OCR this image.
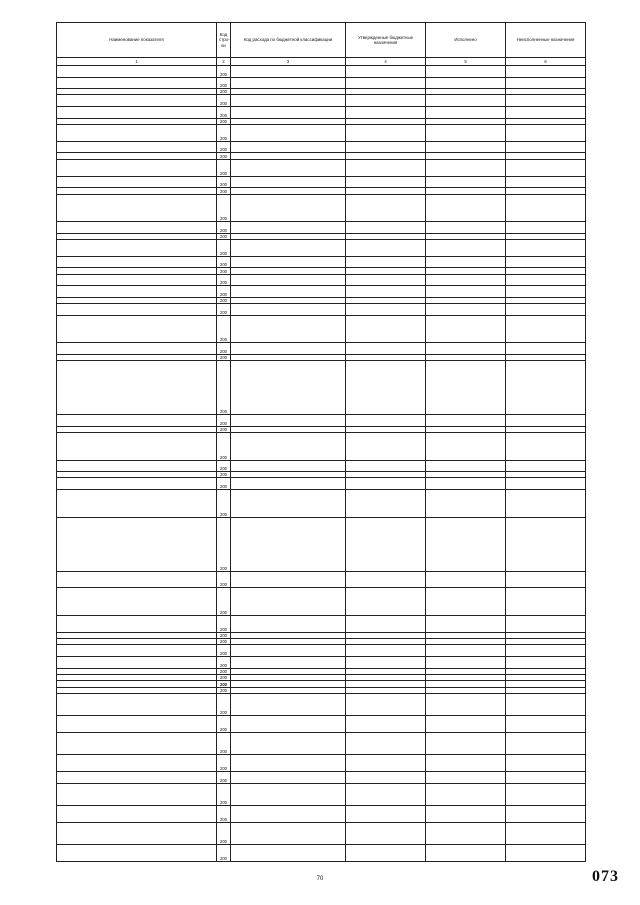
Наименование показателя	Код стро- ки	Код расхода по бюджетной классификации	Утвержденные бюджетные назначения	Исполнено	Неисполненные назначения
1	2	3	4	5	6
	200				
	200				
	200				
	200				
	200				
	200				
	200				
	200				
	200				
	200				
	200				
	200				
	200				
	200				
	200				
	200				
	200				
	200				
	200				
	200				
	200				
	200				
	200				
	200				
	200				
	200				
	200				
	200				
	200				
	200				
	200				
	200				
	200				
	200				
	200				
	200				
	200				
	200				
	200				
	200				
	200				
	200				
	200				
	200				
	200				
	200				
	200				
	200				
	200				
	200				
	200				
	200				
	200				
	200				
70	073
